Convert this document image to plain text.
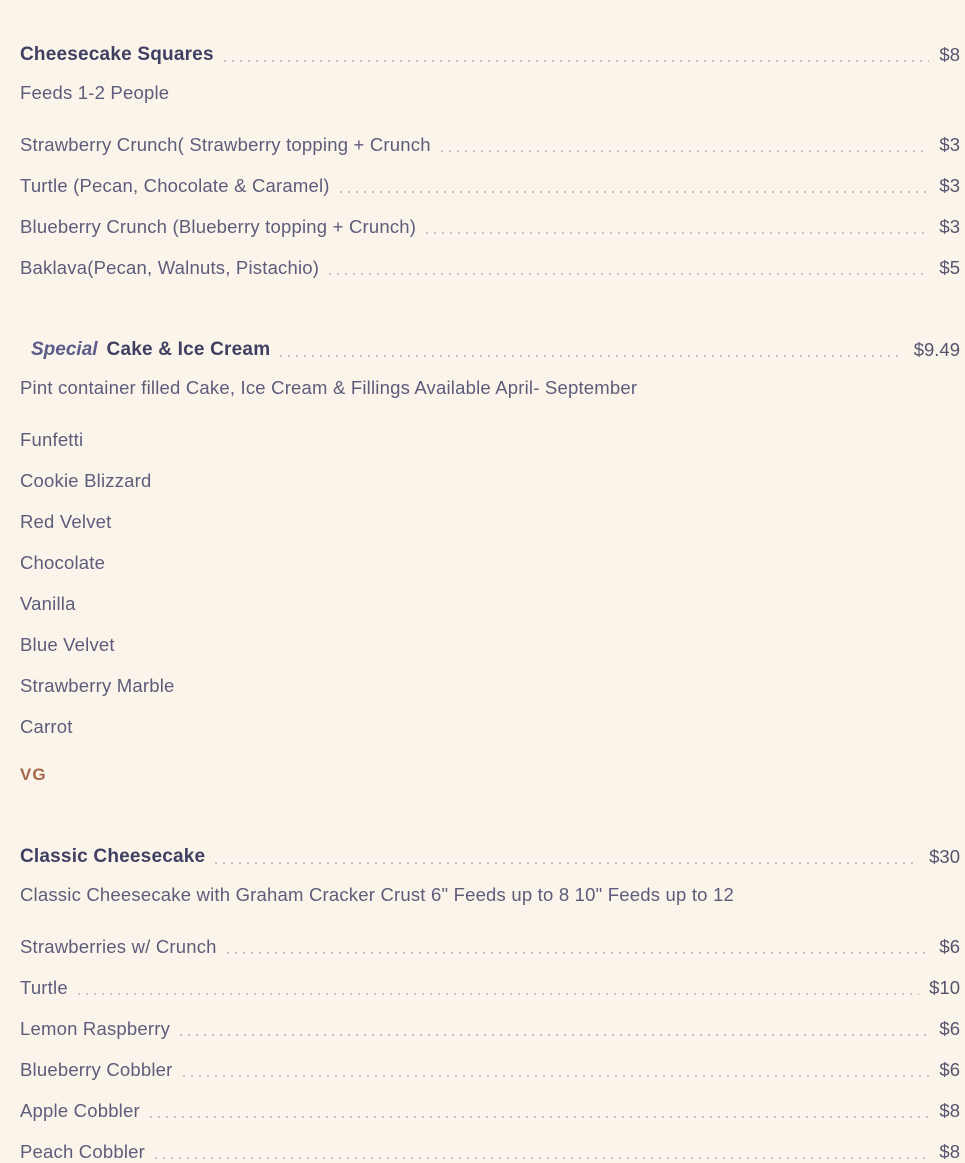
Cheesecake Squares	$8
Feeds 1-2 People
Strawberry Crunch( Strawberry topping + Crunch	$3
Turtle (Pecan, Chocolate & Caramel)	$3
Blueberry Crunch (Blueberry topping + Crunch)	$3
Baklava(Pecan, Walnuts, Pistachio)	$5
Special Cake & Ice Cream	$9.49
Pint container filled Cake, Ice Cream & Fillings Available April- September
Funfetti
Cookie Blizzard
Red Velvet
Chocolate
Vanilla
Blue Velvet
Strawberry Marble
Carrot
VG
Classic Cheesecake	$30
Classic Cheesecake with Graham Cracker Crust 6" Feeds up to 8 10" Feeds up to 12
Strawberries w/ Crunch	$6
Turtle	$10
Lemon Raspberry	$6
Blueberry Cobbler	$6
Apple Cobbler	$8
Peach Cobbler	$8
